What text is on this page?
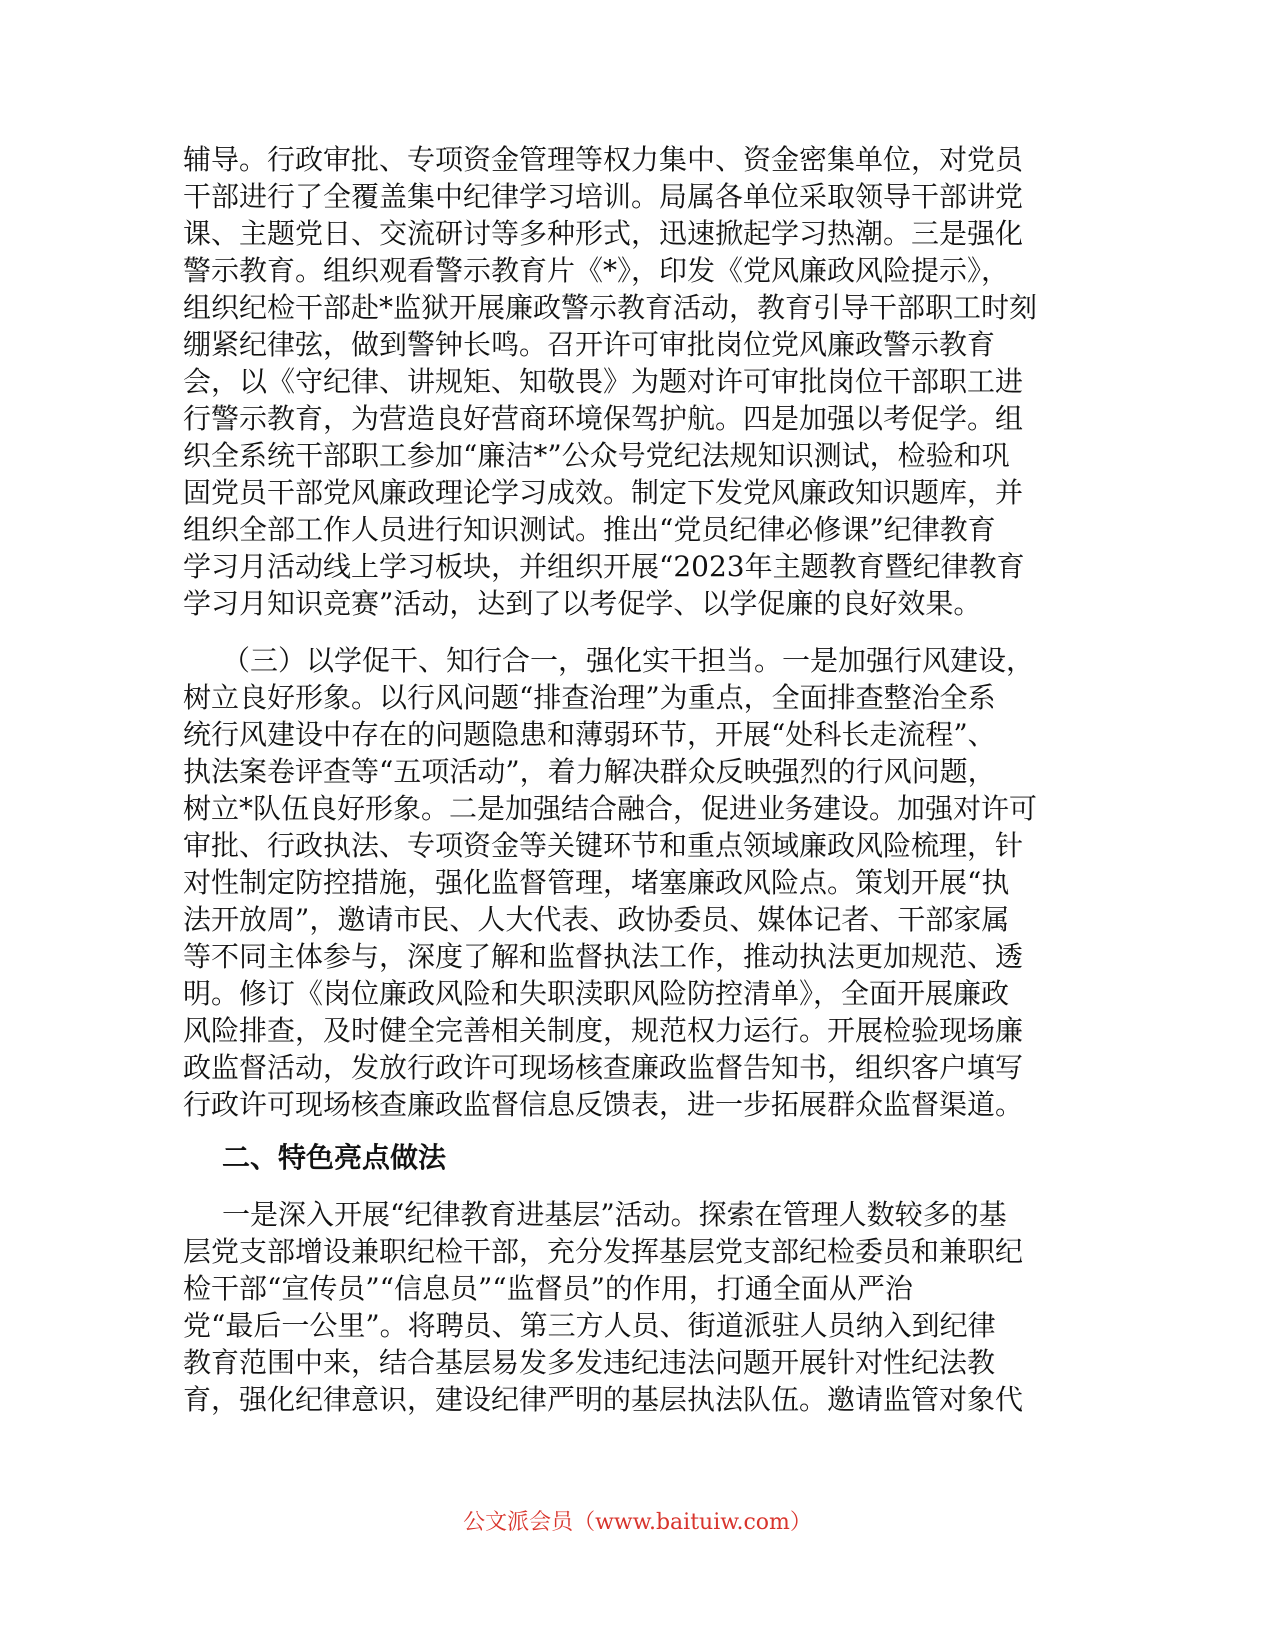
辅导。行政审批、专项资金管理等权力集中、资金密集单位，对党员
干部进行了全覆盖集中纪律学习培训。局属各单位采取领导干部讲党
课、主题党日、交流研讨等多种形式，迅速掀起学习热潮。三是强化
警示教育。组织观看警示教育片《*》，印发《党风廉政风险提示》，
组织纪检干部赴*监狱开展廉政警示教育活动，教育引导干部职工时刻
绷紧纪律弦，做到警钟长鸣。召开许可审批岗位党风廉政警示教育
会，以《守纪律、讲规矩、知敬畏》为题对许可审批岗位干部职工进
行警示教育，为营造良好营商环境保驾护航。四是加强以考促学。组
织全系统干部职工参加“廉洁*”公众号党纪法规知识测试，检验和巩
固党员干部党风廉政理论学习成效。制定下发党风廉政知识题库，并
组织全部工作人员进行知识测试。推出“党员纪律必修课”纪律教育
学习月活动线上学习板块，并组织开展“2023年主题教育暨纪律教育
学习月知识竞赛”活动，达到了以考促学、以学促廉的良好效果。
（三）以学促干、知行合一，强化实干担当。一是加强行风建设，
树立良好形象。以行风问题“排查治理”为重点，全面排查整治全系
统行风建设中存在的问题隐患和薄弱环节，开展“处科长走流程”、
执法案卷评查等“五项活动”，着力解决群众反映强烈的行风问题，
树立*队伍良好形象。二是加强结合融合，促进业务建设。加强对许可
审批、行政执法、专项资金等关键环节和重点领域廉政风险梳理，针
对性制定防控措施，强化监督管理，堵塞廉政风险点。策划开展“执
法开放周”，邀请市民、人大代表、政协委员、媒体记者、干部家属
等不同主体参与，深度了解和监督执法工作，推动执法更加规范、透
明。修订《岗位廉政风险和失职渎职风险防控清单》，全面开展廉政
风险排查，及时健全完善相关制度，规范权力运行。开展检验现场廉
政监督活动，发放行政许可现场核查廉政监督告知书，组织客户填写
行政许可现场核查廉政监督信息反馈表，进一步拓展群众监督渠道。
二、特色亮点做法
一是深入开展“纪律教育进基层”活动。探索在管理人数较多的基
层党支部增设兼职纪检干部，充分发挥基层党支部纪检委员和兼职纪
检干部“宣传员”“信息员”“监督员”的作用，打通全面从严治
党“最后一公里”。将聘员、第三方人员、街道派驻人员纳入到纪律
教育范围中来，结合基层易发多发违纪违法问题开展针对性纪法教
育，强化纪律意识，建设纪律严明的基层执法队伍。邀请监管对象代
公文派会员（www.baituiw.com）
